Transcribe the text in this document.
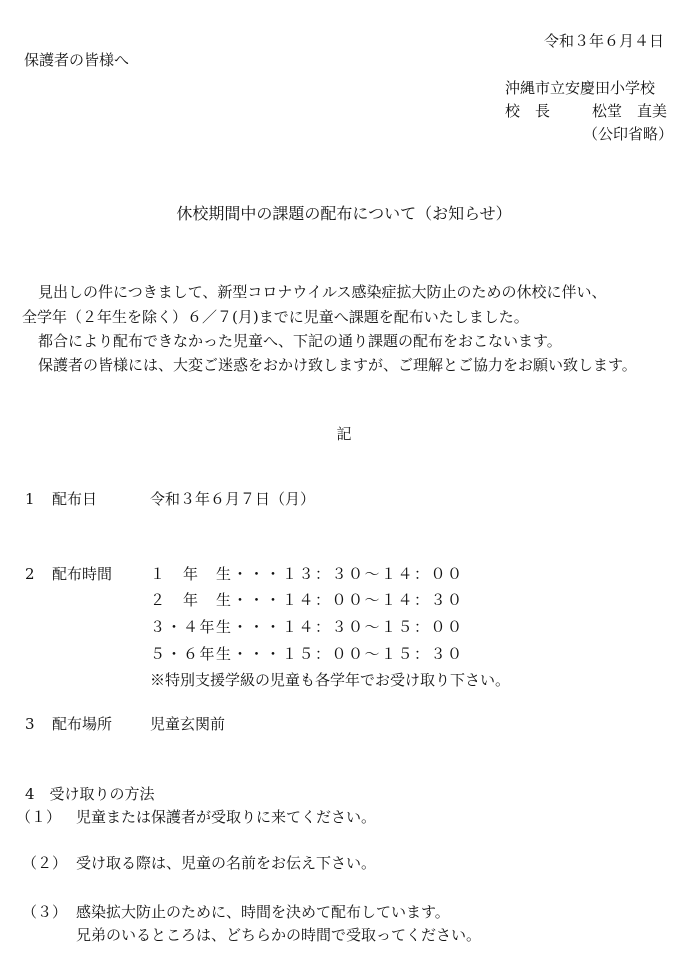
令和３年６月４日
保護者の皆様へ
沖縄市立安慶田小学校
校　長	松堂　直美
（公印省略）
休校期間中の課題の配布について（お知らせ）
見出しの件につきまして、新型コロナウイルス感染症拡大防止のための休校に伴い、
全学年（２年生を除く）６／７(月)までに児童へ課題を配布いたしました。
都合により配布できなかった児童へ、下記の通り課題の配布をおこないます。
保護者の皆様には、大変ご迷惑をおかけ致しますが、ご理解とご協力をお願い致します。
記
1 配布日	令和３年６月７日（月）
2 配布時間	１　年　生・・・１３：３０～１４：００
２　年　生・・・１４：００～１４：３０
３・４年生・・・１４：３０～１５：００
５・６年生・・・１５：００～１５：３０
※特別支援学級の児童も各学年でお受け取り下さい。
3 配布場所	児童玄関前
4　受け取りの方法
（１） 児童または保護者が受取りに来てください。
（２） 受け取る際は、児童の名前をお伝え下さい。
（３） 感染拡大防止のために、時間を決めて配布しています。
兄弟のいるところは、どちらかの時間で受取ってください。
